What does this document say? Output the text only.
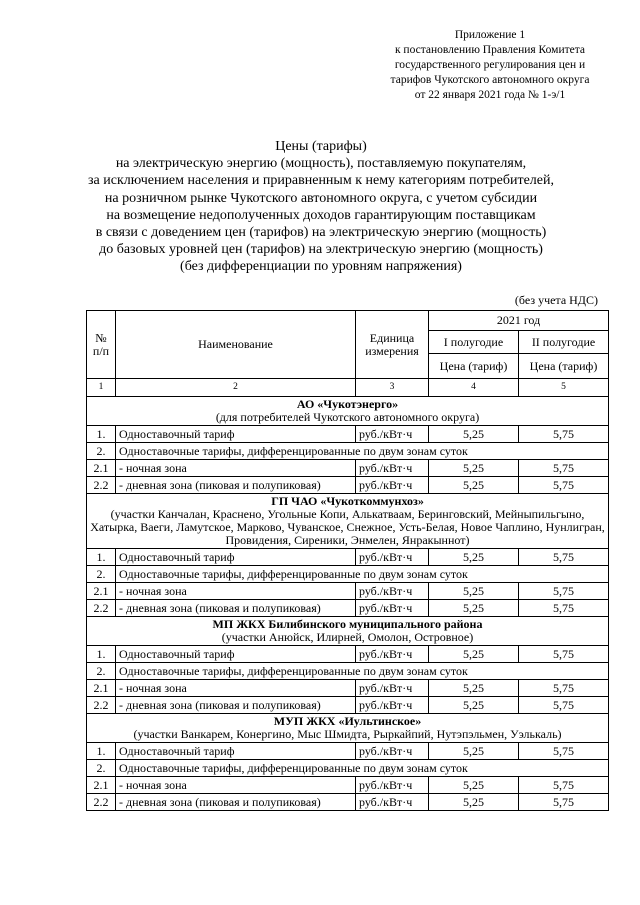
Приложение 1
к постановлению Правления Комитета
государственного регулирования цен и
тарифов Чукотского автономного округа
от 22 января 2021 года № 1-э/1
Цены (тарифы)
на электрическую энергию (мощность), поставляемую покупателям,
за исключением населения и приравненным к нему категориям потребителей,
на розничном рынке Чукотского автономного округа, с учетом субсидии
на возмещение недополученных доходов гарантирующим поставщикам
в связи с доведением цен (тарифов) на электрическую энергию (мощность)
до базовых уровней цен (тарифов) на электрическую энергию (мощность)
(без дифференциации по уровням напряжения)
(без учета НДС)
№ п/п	Наименование	Единица измерения	2021 год	
			I полугодие	II полугодие
			Цена (тариф)	Цена (тариф)
1	2	3	4	5

АО «Чукотэнерго»
(для потребителей Чукотского автономного округа)				
1.	Одноставочный тариф	руб./кВт·ч	5,25	5,75
2.	Одноставочные тарифы, дифференцированные по двум зонам суток			
2.1	- ночная зона	руб./кВт·ч	5,25	5,75
2.2	- дневная зона (пиковая и полупиковая)	руб./кВт·ч	5,25	5,75

ГП ЧАО «Чукоткоммунхоз»
(участки Канчалан, Краснено, Угольные Копи, Алькатваам, Беринговский, Мейныпильгыно, Хатырка, Ваеги, Ламутское, Марково, Чуванское, Снежное, Усть-Белая, Новое Чаплино, Нунлигран, Провидения, Сиреники, Энмелен, Янракыннот)				
1.	Одноставочный тариф	руб./кВт·ч	5,25	5,75
2.	Одноставочные тарифы, дифференцированные по двум зонам суток			
2.1	- ночная зона	руб./кВт·ч	5,25	5,75
2.2	- дневная зона (пиковая и полупиковая)	руб./кВт·ч	5,25	5,75

МП ЖКХ Билибинского муниципального района
(участки Анюйск, Илирней, Омолон, Островное)				
1.	Одноставочный тариф	руб./кВт·ч	5,25	5,75
2.	Одноставочные тарифы, дифференцированные по двум зонам суток			
2.1	- ночная зона	руб./кВт·ч	5,25	5,75
2.2	- дневная зона (пиковая и полупиковая)	руб./кВт·ч	5,25	5,75

МУП ЖКХ «Иультинское»
(участки Ванкарем, Конергино, Мыс Шмидта, Рыркайпий, Нутэпэльмен, Уэлькаль)				
1.	Одноставочный тариф	руб./кВт·ч	5,25	5,75
2.	Одноставочные тарифы, дифференцированные по двум зонам суток			
2.1	- ночная зона	руб./кВт·ч	5,25	5,75
2.2	- дневная зона (пиковая и полупиковая)	руб./кВт·ч	5,25	5,75
